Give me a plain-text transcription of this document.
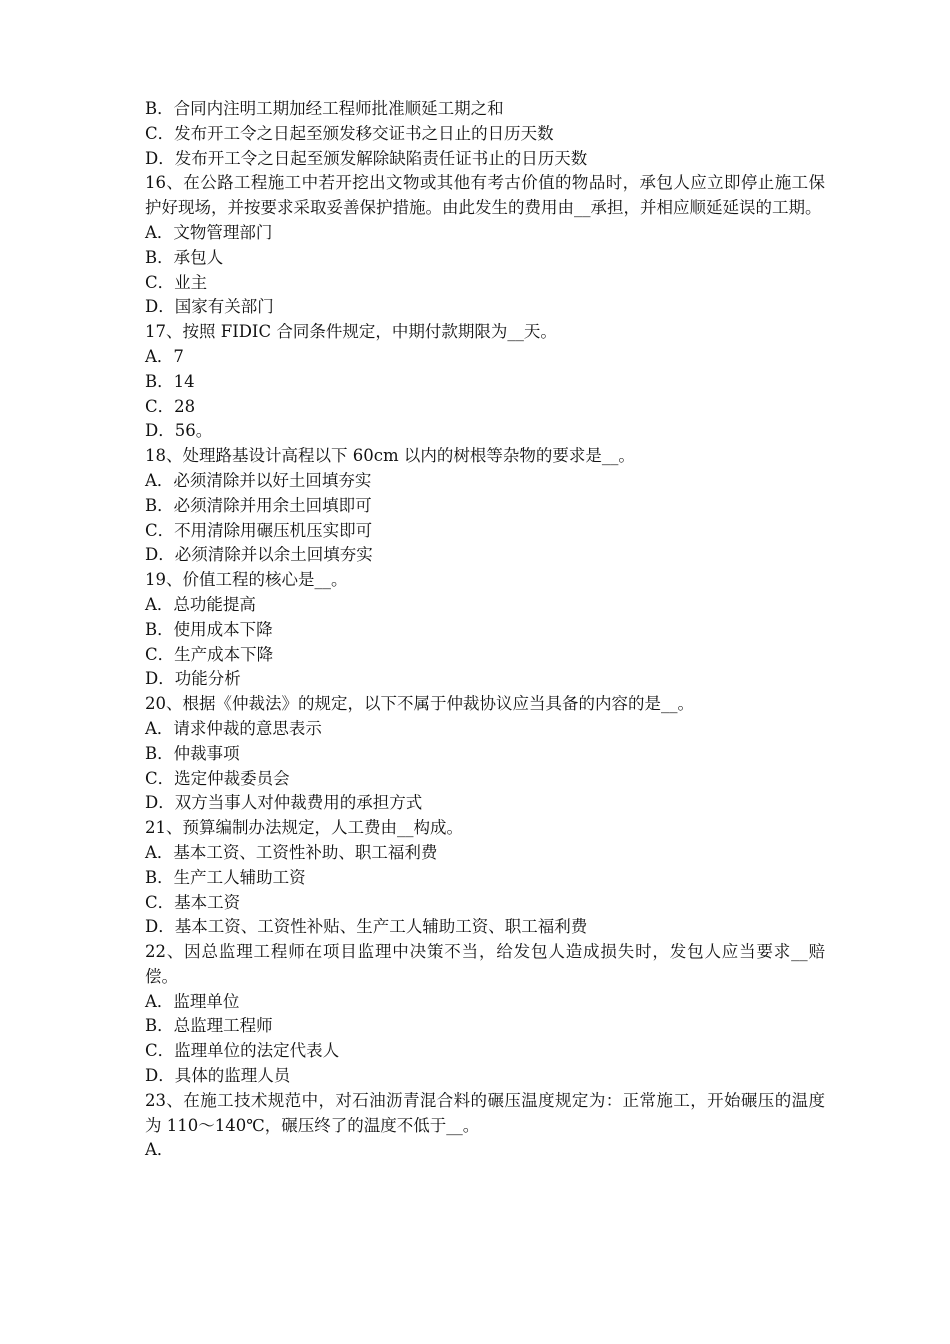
B．合同内注明工期加经工程师批准顺延工期之和

C．发布开工令之日起至颁发移交证书之日止的日历天数

D．发布开工令之日起至颁发解除缺陷责任证书止的日历天数

16、在公路工程施工中若开挖出文物或其他有考古价值的物品时，承包人应立即停止施工保护好现场，并按要求采取妥善保护措施。由此发生的费用由__承担，并相应顺延延误的工期。

A．文物管理部门

B．承包人

C．业主

D．国家有关部门

17、按照 FIDIC 合同条件规定，中期付款期限为__天。

A．7

B．14

C．28

D．56。

18、处理路基设计高程以下 60cm 以内的树根等杂物的要求是__。

A．必须清除并以好土回填夯实

B．必须清除并用余土回填即可

C．不用清除用碾压机压实即可

D．必须清除并以余土回填夯实

19、价值工程的核心是__。

A．总功能提高

B．使用成本下降

C．生产成本下降

D．功能分析

20、根据《仲裁法》的规定，以下不属于仲裁协议应当具备的内容的是__。

A．请求仲裁的意思表示

B．仲裁事项

C．选定仲裁委员会

D．双方当事人对仲裁费用的承担方式

21、预算编制办法规定，人工费由__构成。

A．基本工资、工资性补助、职工福利费

B．生产工人辅助工资

C．基本工资

D．基本工资、工资性补贴、生产工人辅助工资、职工福利费

22、因总监理工程师在项目监理中决策不当，给发包人造成损失时，发包人应当要求__赔偿。

A．监理单位

B．总监理工程师

C．监理单位的法定代表人

D．具体的监理人员

23、在施工技术规范中，对石油沥青混合料的碾压温度规定为：正常施工，开始碾压的温度为 110～140℃，碾压终了的温度不低于__。

A．
